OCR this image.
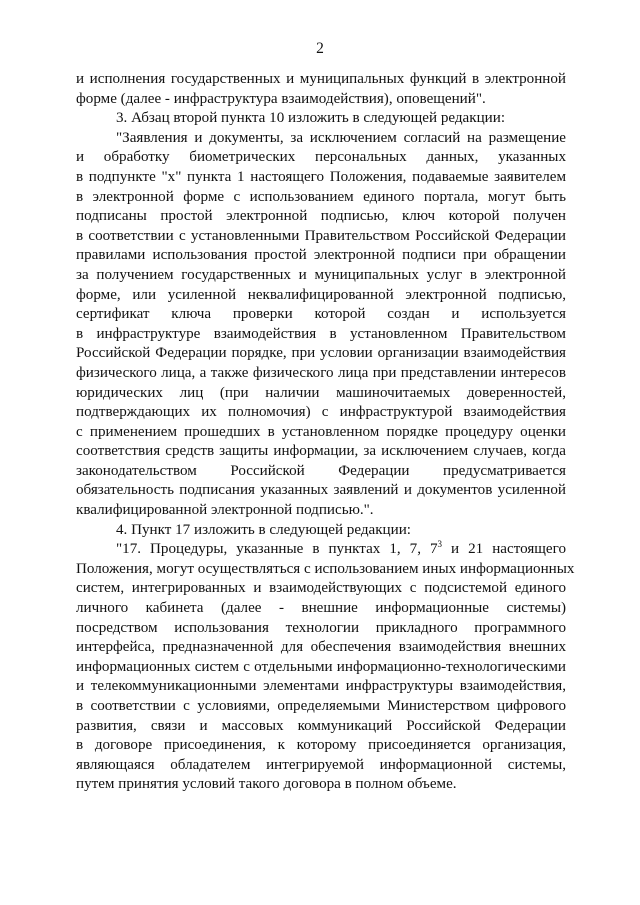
2
и исполнения государственных и муниципальных функций в электронной
форме (далее - инфраструктура взаимодействия), оповещений".
3. Абзац второй пункта 10 изложить в следующей редакции:
"Заявления и документы, за исключением согласий на размещение
и обработку биометрических персональных данных, указанных
в подпункте "х" пункта 1 настоящего Положения, подаваемые заявителем
в электронной форме с использованием единого портала, могут быть
подписаны простой электронной подписью, ключ которой получен
в соответствии с установленными Правительством Российской Федерации
правилами использования простой электронной подписи при обращении
за получением государственных и муниципальных услуг в электронной
форме, или усиленной неквалифицированной электронной подписью,
сертификат ключа проверки которой создан и используется
в инфраструктуре взаимодействия в установленном Правительством
Российской Федерации порядке, при условии организации взаимодействия
физического лица, а также физического лица при представлении интересов
юридических лиц (при наличии машиночитаемых доверенностей,
подтверждающих их полномочия) с инфраструктурой взаимодействия
с применением прошедших в установленном порядке процедуру оценки
соответствия средств защиты информации, за исключением случаев, когда
законодательством Российской Федерации предусматривается
обязательность подписания указанных заявлений и документов усиленной
квалифицированной электронной подписью.".
4. Пункт 17 изложить в следующей редакции:
"17. Процедуры, указанные в пунктах 1, 7, $7^3$ и 21 настоящего
Положения, могут осуществляться с использованием иных информационных
систем, интегрированных и взаимодействующих с подсистемой единого
личного кабинета (далее - внешние информационные системы)
посредством использования технологии прикладного программного
интерфейса, предназначенной для обеспечения взаимодействия внешних
информационных систем с отдельными информационно-технологическими
и телекоммуникационными элементами инфраструктуры взаимодействия,
в соответствии с условиями, определяемыми Министерством цифрового
развития, связи и массовых коммуникаций Российской Федерации
в договоре присоединения, к которому присоединяется организация,
являющаяся обладателем интегрируемой информационной системы,
путем принятия условий такого договора в полном объеме.
